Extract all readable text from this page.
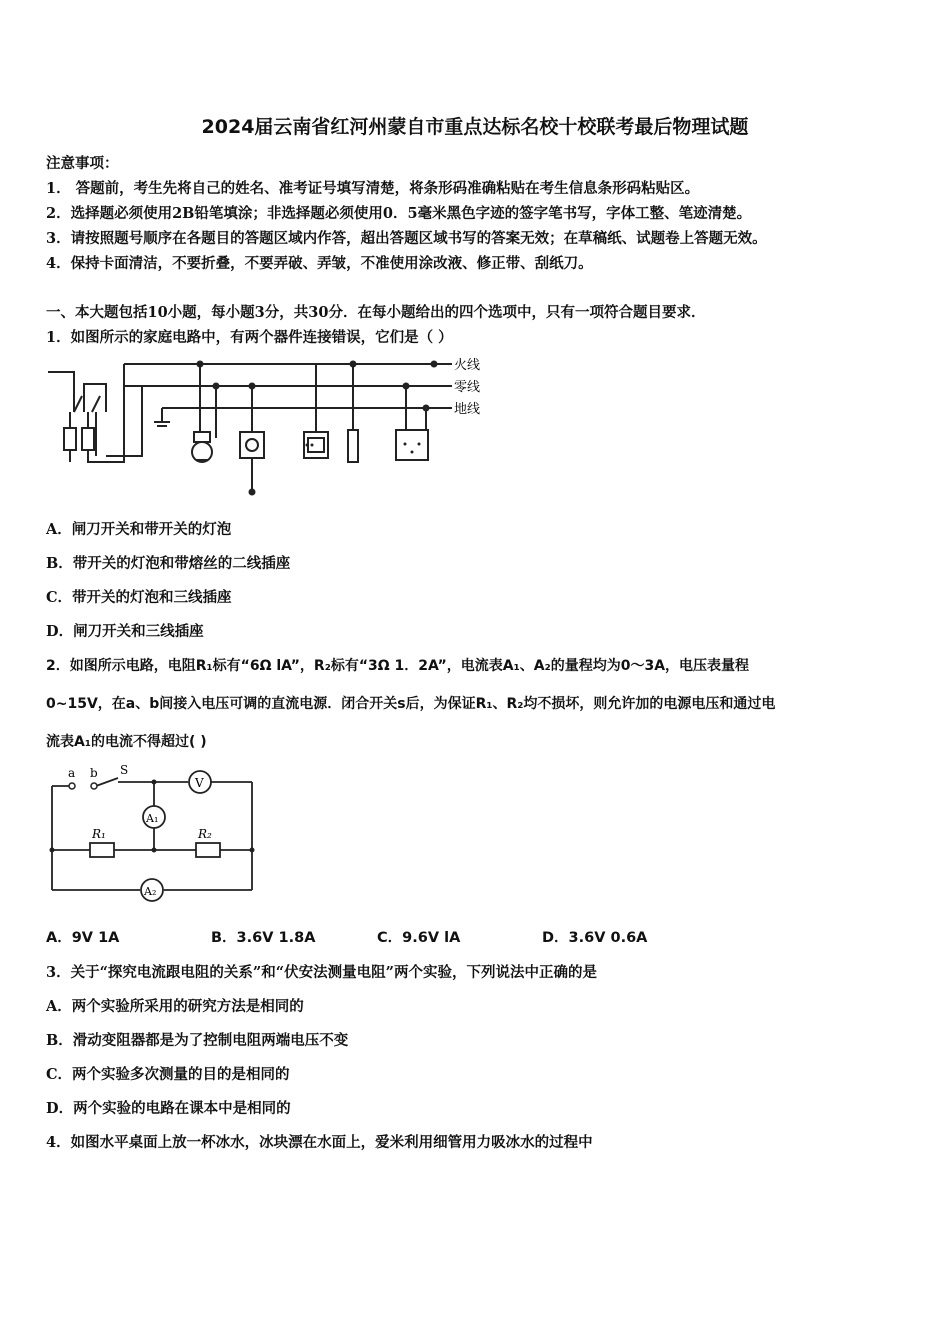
2024届云南省红河州蒙自市重点达标名校十校联考最后物理试题
注意事项：
1． 答题前，考生先将自己的姓名、准考证号填写清楚，将条形码准确粘贴在考生信息条形码粘贴区。
2．选择题必须使用2B铅笔填涂；非选择题必须使用0．5毫米黑色字迹的签字笔书写，字体工整、笔迹清楚。
3．请按照题号顺序在各题目的答题区域内作答，超出答题区域书写的答案无效；在草稿纸、试题卷上答题无效。
4．保持卡面清洁，不要折叠，不要弄破、弄皱，不准使用涂改液、修正带、刮纸刀。
一、本大题包括10小题，每小题3分，共30分．在每小题给出的四个选项中，只有一项符合题目要求．
1．如图所示的家庭电路中，有两个器件连接错误，它们是（ ）
火线
零线
地线
A．闸刀开关和带开关的灯泡
B．带开关的灯泡和带熔丝的二线插座
C．带开关的灯泡和三线插座
D．闸刀开关和三线插座
2．如图所示电路，电阻R₁标有“6Ω lA”，R₂标有“3Ω 1．2A”，电流表A₁、A₂的量程均为0～3A，电压表量程
0~15V，在a、b间接入电压可调的直流电源．闭合开关s后，为保证R₁、R₂均不损坏，则允许加的电源电压和通过电
流表A₁的电流不得超过( )
a b S
V
A₁
A₂
R₁	R₂
A．9V 1A	B．3.6V 1.8A	C．9.6V lA	D．3.6V 0.6A
3．关于“探究电流跟电阻的关系”和“伏安法测量电阻”两个实验，下列说法中正确的是
A．两个实验所采用的研究方法是相同的
B．滑动变阻器都是为了控制电阻两端电压不变
C．两个实验多次测量的目的是相同的
D．两个实验的电路在课本中是相同的
4．如图水平桌面上放一杯冰水，冰块漂在水面上，爱米利用细管用力吸冰水的过程中
